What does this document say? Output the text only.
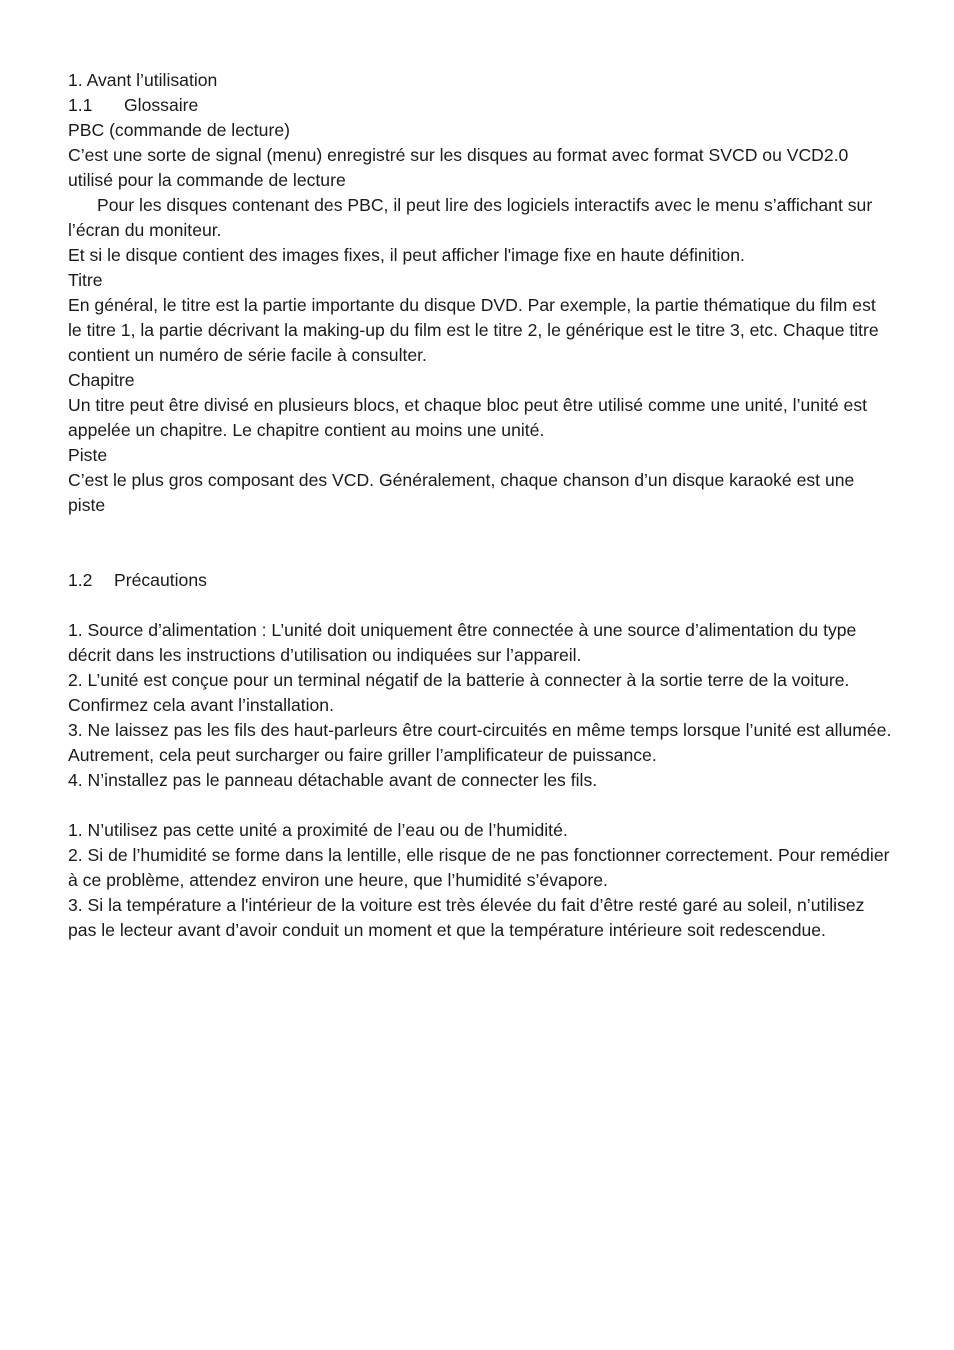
1. Avant l’utilisation
1.1 Glossaire
PBC (commande de lecture)
C’est une sorte de signal (menu) enregistré sur les disques au format avec format SVCD ou VCD2.0 utilisé pour la commande de lecture
Pour les disques contenant des PBC, il peut lire des logiciels interactifs avec le menu s’affichant sur l’écran du moniteur.
Et si le disque contient des images fixes, il peut afficher l'image fixe en haute définition.
Titre
En général, le titre est la partie importante du disque DVD. Par exemple, la partie thématique du film est le titre 1, la partie décrivant la making-up du film est le titre 2, le générique est le titre 3, etc. Chaque titre contient un numéro de série facile à consulter.
Chapitre
Un titre peut être divisé en plusieurs blocs, et chaque bloc peut être utilisé comme une unité, l’unité est appelée un chapitre. Le chapitre contient au moins une unité.
Piste
C’est le plus gros composant des VCD. Généralement, chaque chanson d’un disque karaoké est une piste
1.2 Précautions
1. Source d’alimentation : L’unité doit uniquement être connectée à une source d’alimentation du type décrit dans les instructions d’utilisation ou indiquées sur l’appareil.
2. L’unité est conçue pour un terminal négatif de la batterie à connecter à la sortie terre de la voiture. Confirmez cela avant l’installation.
3. Ne laissez pas les fils des haut-parleurs être court-circuités en même temps lorsque l’unité est allumée. Autrement, cela peut surcharger ou faire griller l’amplificateur de puissance.
4. N’installez pas le panneau détachable avant de connecter les fils.
1. N’utilisez pas cette unité a proximité de l’eau ou de l’humidité.
2. Si de l’humidité se forme dans la lentille, elle risque de ne pas fonctionner correctement. Pour remédier à ce problème, attendez environ une heure, que l’humidité s’évapore.
3. Si la température a l'intérieur de la voiture est très élevée du fait d’être resté garé au soleil, n’utilisez pas le lecteur avant d’avoir conduit un moment et que la température intérieure soit redescendue.
